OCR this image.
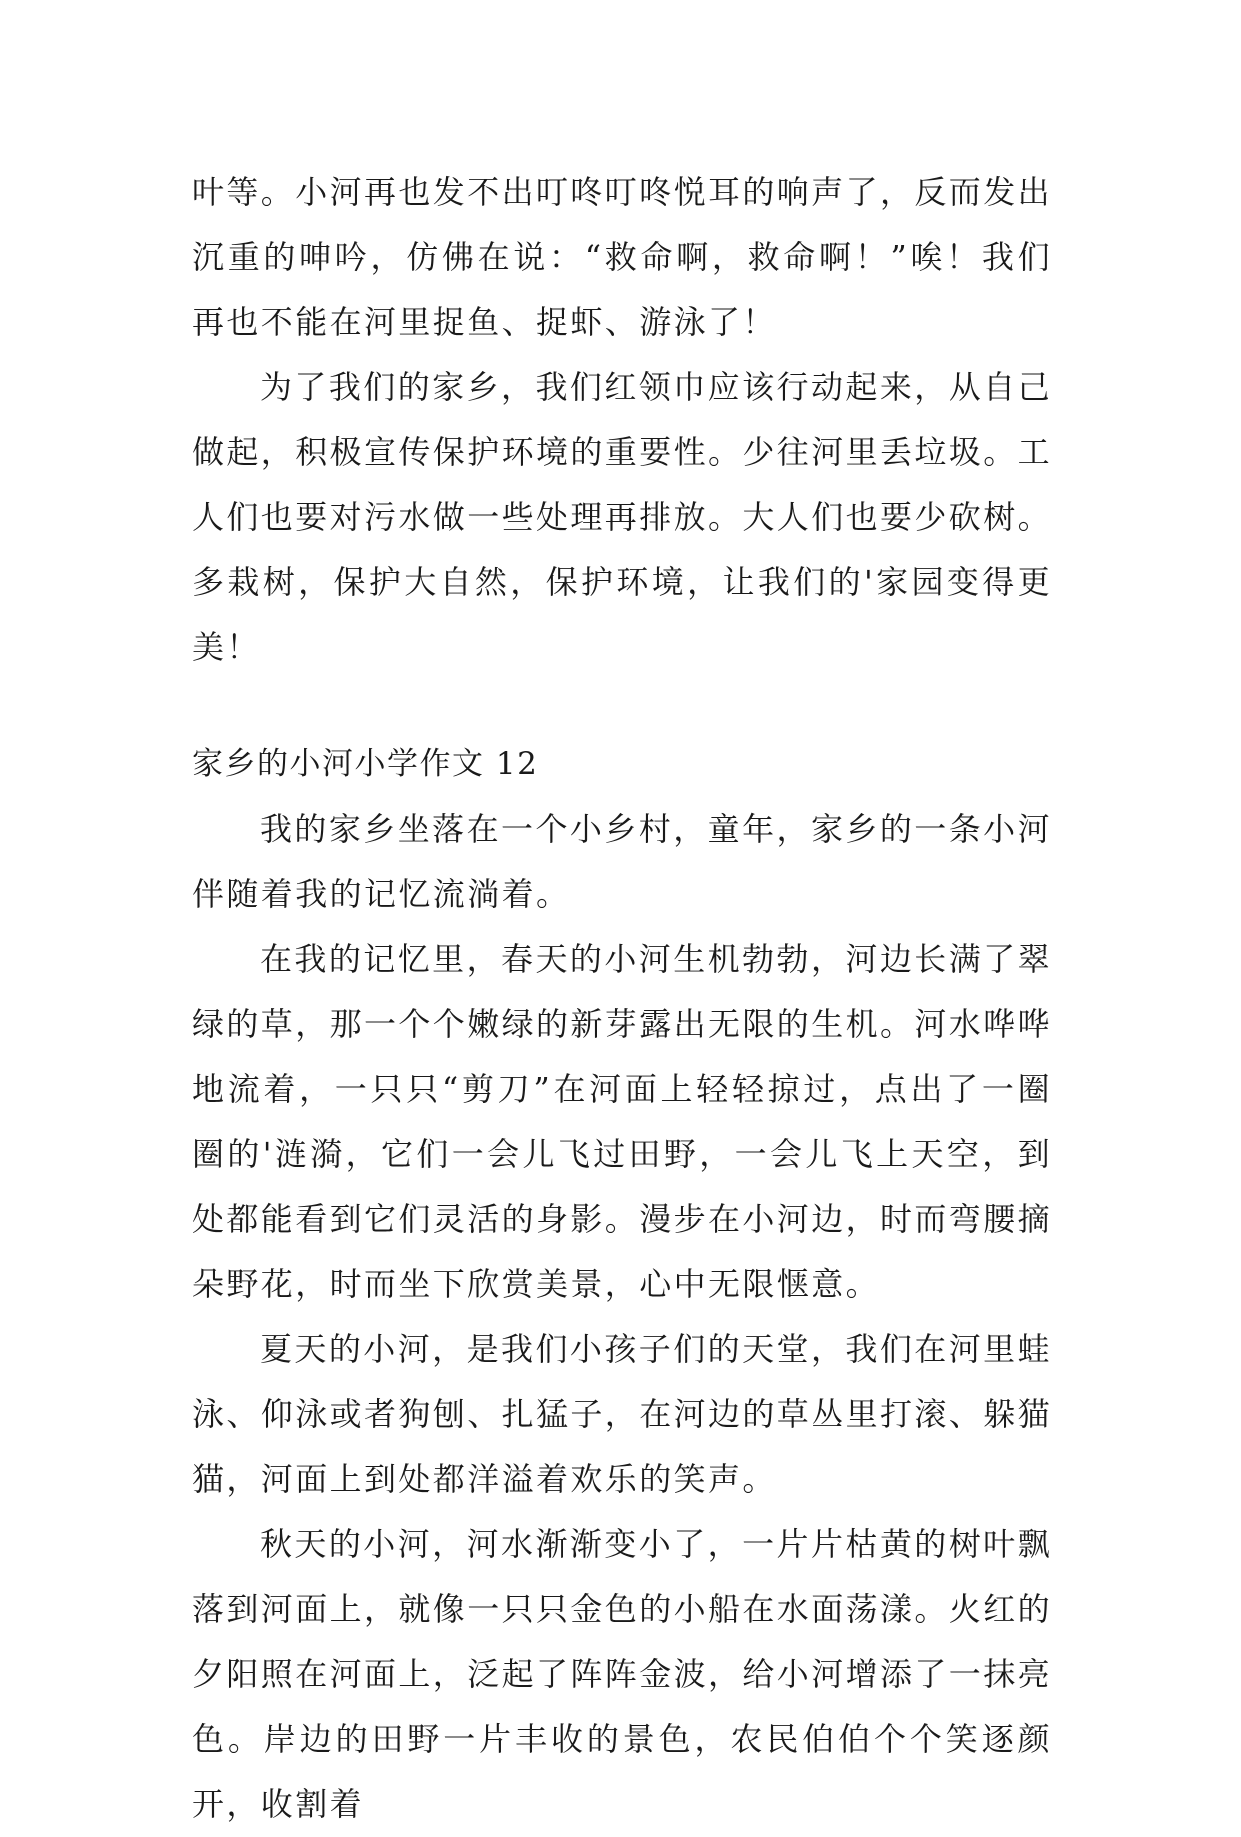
叶等。小河再也发不出叮咚叮咚悦耳的响声了，反而发出沉重的呻吟，仿佛在说：“救命啊，救命啊！”唉！我们再也不能在河里捉鱼、捉虾、游泳了！

为了我们的家乡，我们红领巾应该行动起来，从自己做起，积极宣传保护环境的重要性。少往河里丢垃圾。工人们也要对污水做一些处理再排放。大人们也要少砍树。多栽树，保护大自然，保护环境，让我们的'家园变得更美！

家乡的小河小学作文 12

我的家乡坐落在一个小乡村，童年，家乡的一条小河伴随着我的记忆流淌着。

在我的记忆里，春天的小河生机勃勃，河边长满了翠绿的草，那一个个嫩绿的新芽露出无限的生机。河水哗哗地流着，一只只“剪刀”在河面上轻轻掠过，点出了一圈圈的'涟漪，它们一会儿飞过田野，一会儿飞上天空，到处都能看到它们灵活的身影。漫步在小河边，时而弯腰摘朵野花，时而坐下欣赏美景，心中无限惬意。

夏天的小河，是我们小孩子们的天堂，我们在河里蛙泳、仰泳或者狗刨、扎猛子，在河边的草丛里打滚、躲猫猫，河面上到处都洋溢着欢乐的笑声。

秋天的小河，河水渐渐变小了，一片片枯黄的树叶飘落到河面上，就像一只只金色的小船在水面荡漾。火红的夕阳照在河面上，泛起了阵阵金波，给小河增添了一抹亮色。岸边的田野一片丰收的景色，农民伯伯个个笑逐颜开，收割着
